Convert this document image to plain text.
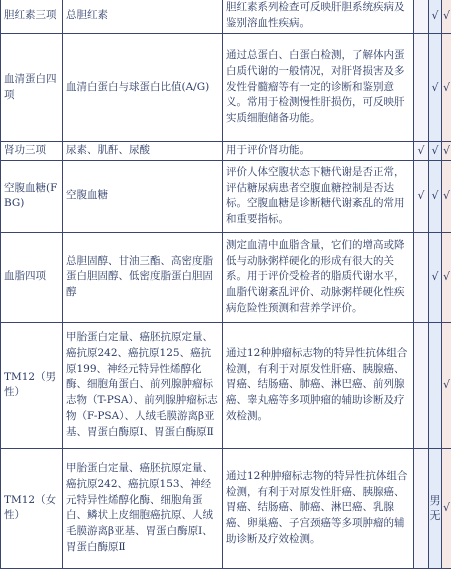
胆红素三项	总胆红素	胆红素系列检查可反映肝胆系统疾病及鉴别溶血性疾病。		√	√
血清蛋白四项	血清白蛋白与球蛋白比值(A/G)	通过总蛋白、白蛋白检测，了解体内蛋白质代谢的一般情况，对肝肾损害及多发性骨髓瘤等有一定的诊断和鉴别意义。常用于检测慢性肝损伤，可反映肝实质细胞储备功能。		√	√
肾功三项	尿素、肌酐、尿酸	用于评价肾功能。	√	√	√
空腹血糖(FBG)	空腹血糖	评价人体空腹状态下糖代谢是否正常，评估糖尿病患者空腹血糖控制是否达标。空腹血糖是诊断糖代谢紊乱的常用和重要指标。	√	√	√
血脂四项	总胆固醇、甘油三酯、高密度脂蛋白胆固醇、低密度脂蛋白胆固醇	测定血清中血脂含量，它们的增高或降低与动脉粥样硬化的形成有很大的关系。用于评价受检者的脂质代谢水平，血脂代谢紊乱评价、动脉粥样硬化性疾病危险性预测和营养学评价。		√	√
TM12（男性）	甲胎蛋白定量、癌胚抗原定量、癌抗原242、癌抗原125、癌抗原199、神经元特异性烯醇化酶、细胞角蛋白、前列腺肿瘤标志物（T-PSA）、前列腺肿瘤标志物（F-PSA）、人绒毛膜游离β亚基、胃蛋白酶原Ⅰ、胃蛋白酶原Ⅱ	通过12种肿瘤标志物的特异性抗体组合检测，有利于对原发性肝癌、胰腺癌、胃癌、结肠癌、肺癌、淋巴癌、前列腺癌、睾丸癌等多项肿瘤的辅助诊断及疗效检测。			√
TM12（女性）	甲胎蛋白定量、癌胚抗原定量、癌抗原242、癌抗原153、神经元特异性烯醇化酶、细胞角蛋白、鳞状上皮细胞癌抗原、人绒毛膜游离β亚基、胃蛋白酶原Ⅰ、胃蛋白酶原Ⅱ	通过12种肿瘤标志物的特异性抗体组合检测，有利于对原发性肝癌、胰腺癌、胃癌、结肠癌、肺癌、淋巴癌、乳腺癌、卵巢癌、子宫颈癌等多项肿瘤的辅助诊断及疗效检测。		男无	√
